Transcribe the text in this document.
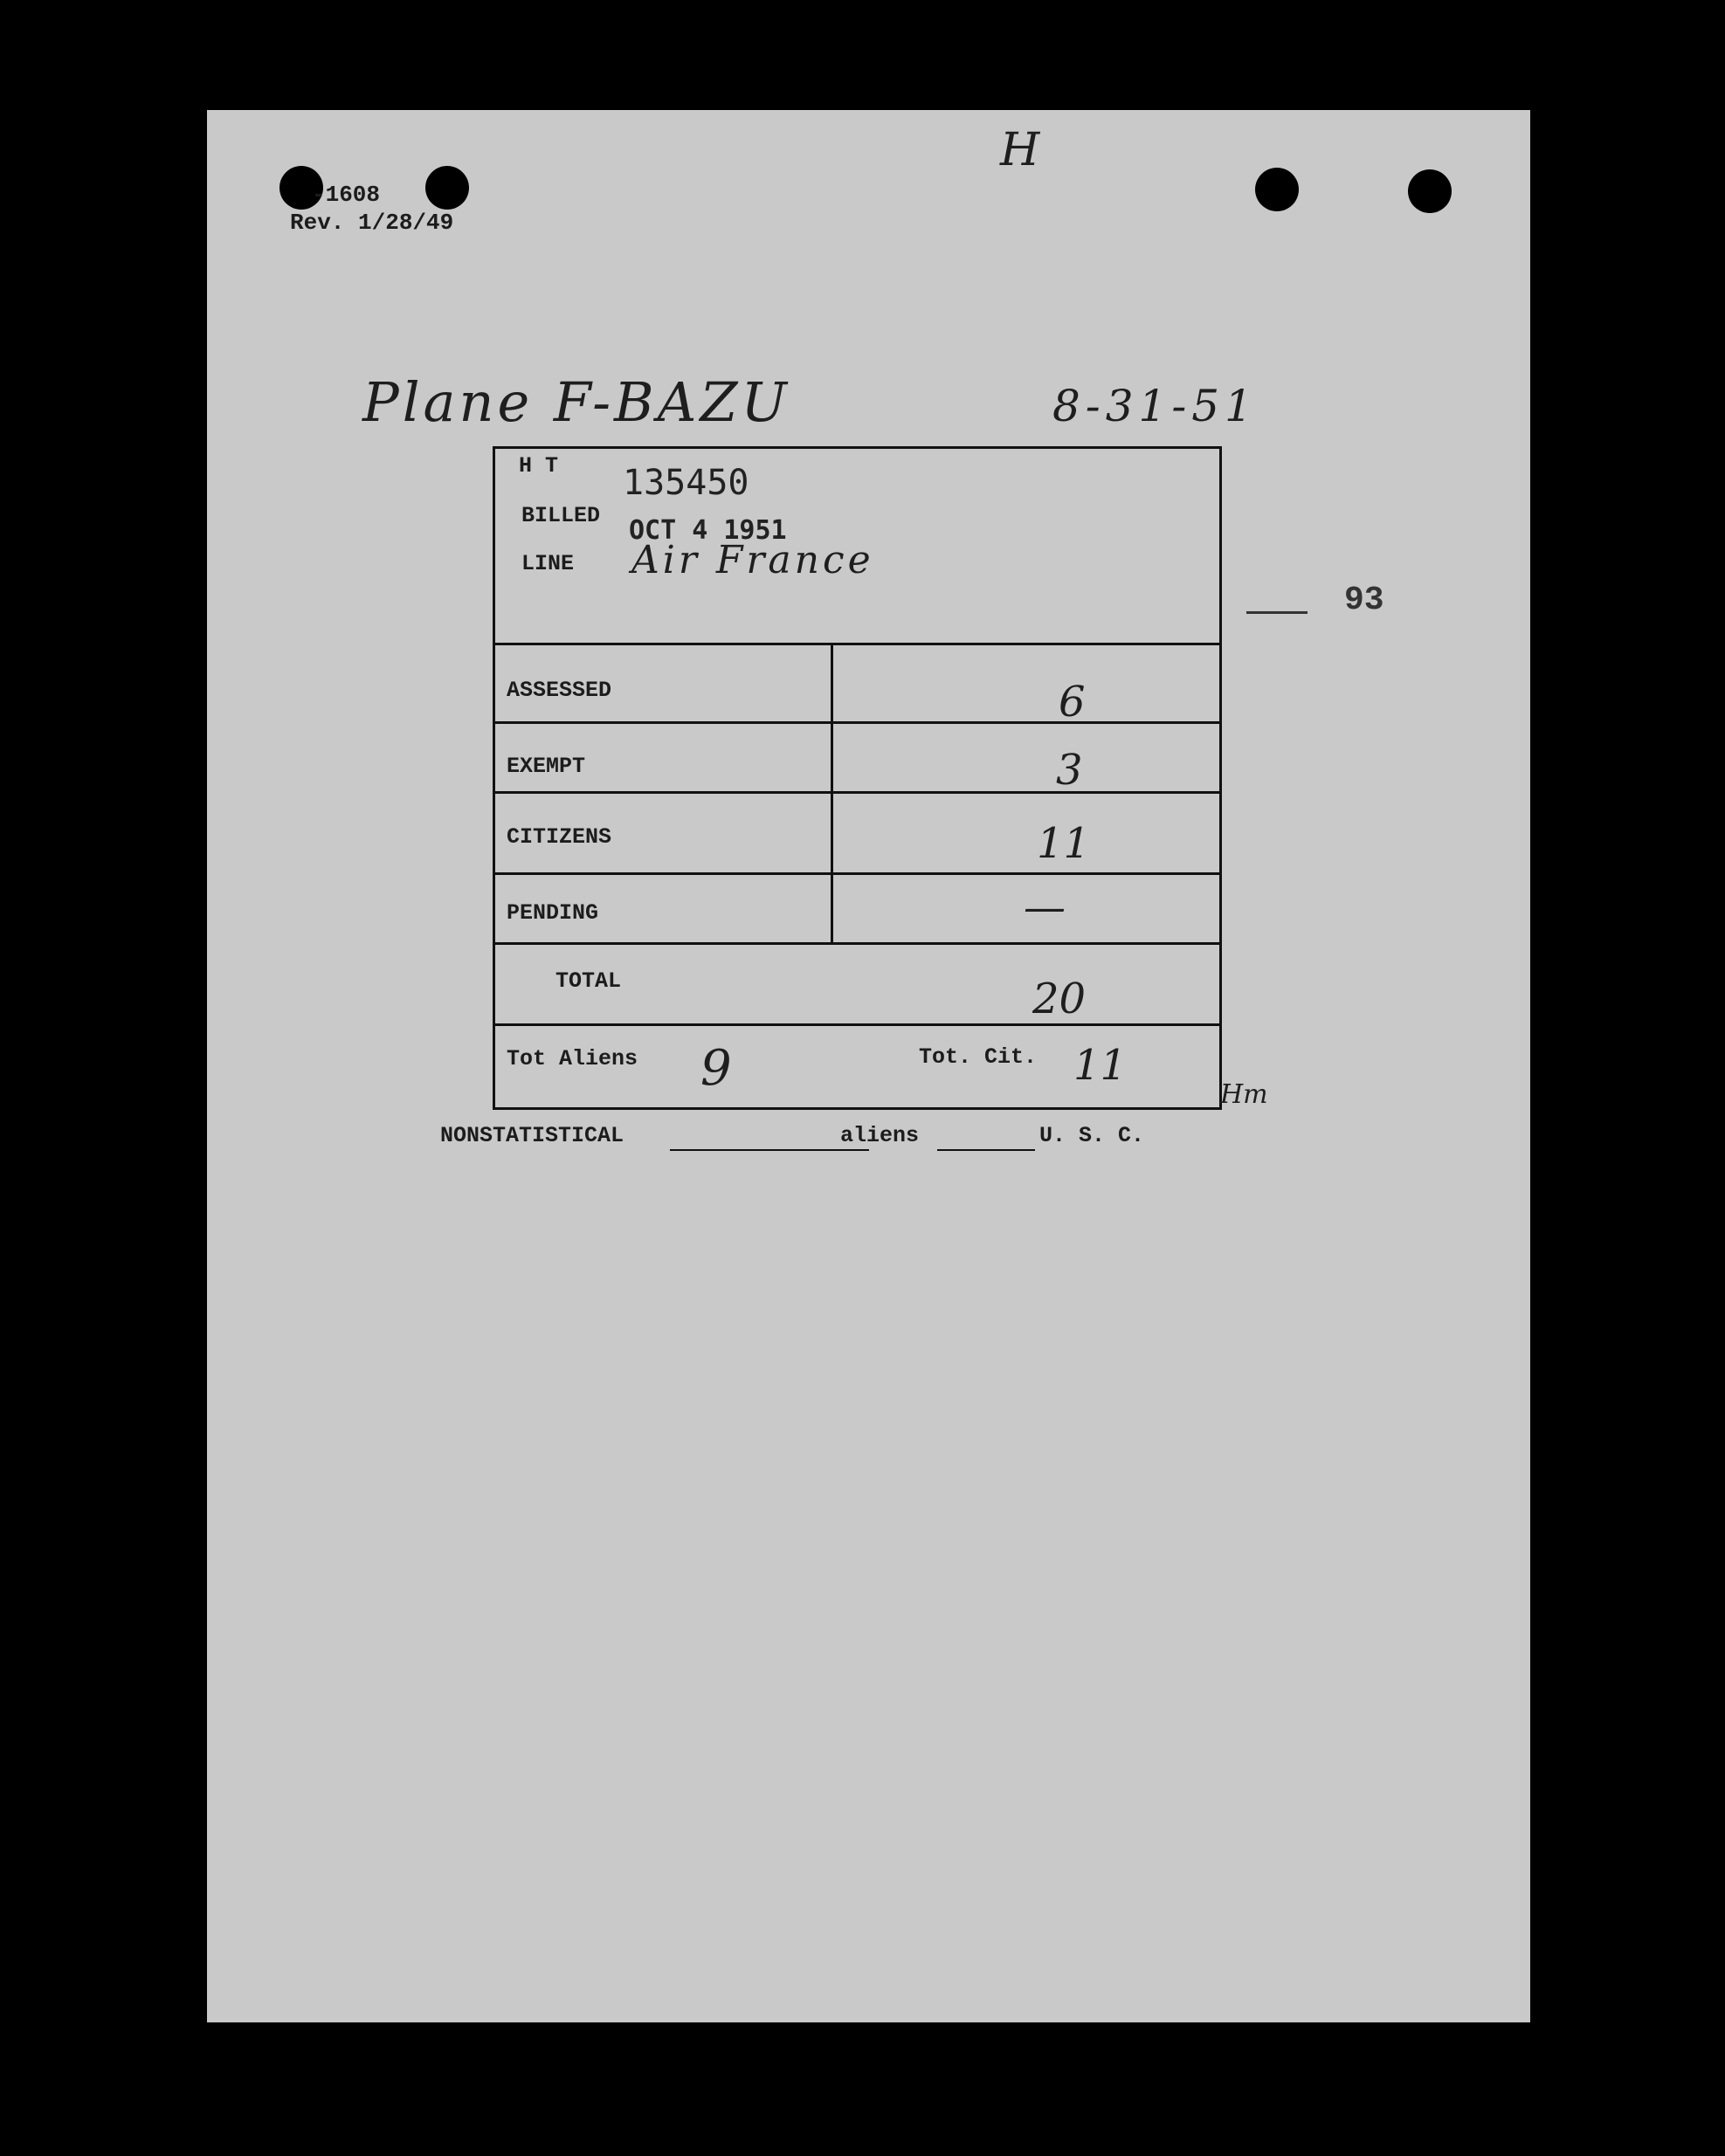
-1608
Rev. 1/28/49
H
Plane F-BAZU	8-31-51
H T 135450
BILLED OCT 4 1951
LINE Air France
93
ASSESSED	6
EXEMPT	3
CITIZENS	11
PENDING	—
TOTAL	20
Tot Aliens 9	Tot. Cit. 11
Hm
NONSTATISTICAL	aliens	U. S. C.
